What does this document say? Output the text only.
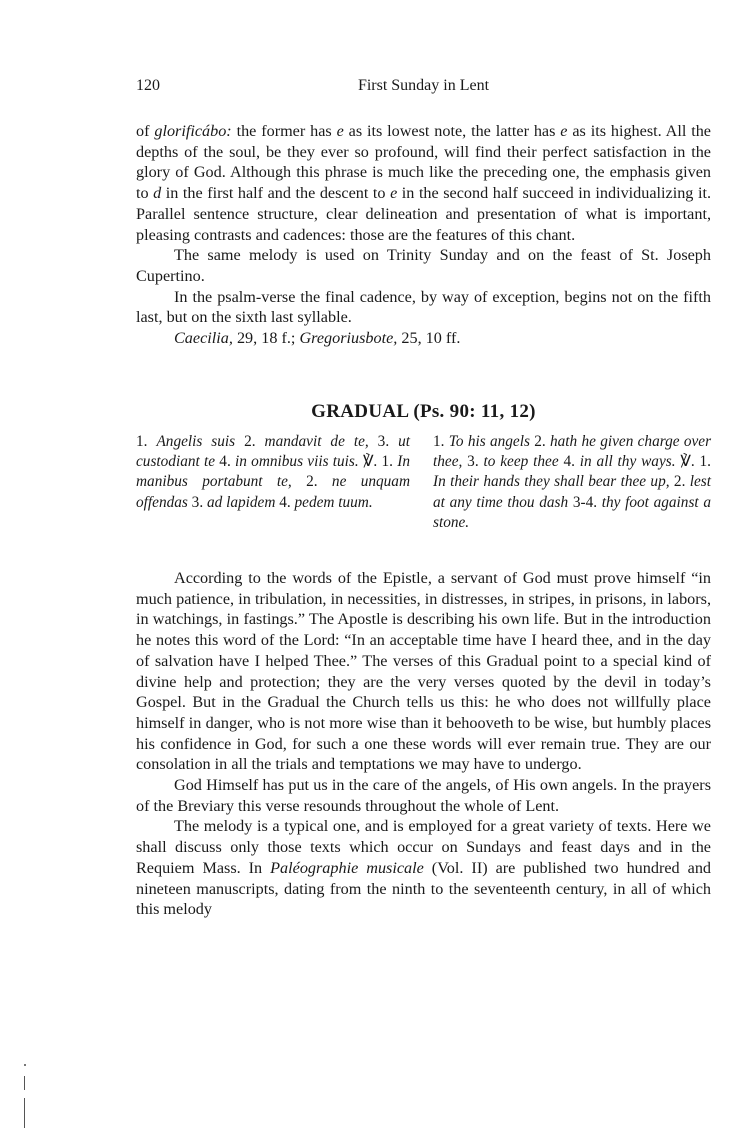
120	First Sunday in Lent

of glorificábo: the former has e as its lowest note, the latter has e as its highest. All the depths of the soul, be they ever so profound, will find their perfect satisfaction in the glory of God. Although this phrase is much like the preceding one, the emphasis given to d in the first half and the descent to e in the second half succeed in individualizing it. Parallel sentence structure, clear delineation and presentation of what is important, pleasing contrasts and cadences: those are the features of this chant.

The same melody is used on Trinity Sunday and on the feast of St. Joseph Cupertino.

In the psalm-verse the final cadence, by way of exception, begins not on the fifth last, but on the sixth last syllable.

Caecilia, 29, 18 f.; Gregoriusbote, 25, 10 ff.

GRADUAL (Ps. 90: 11, 12)
1. Angelis suis 2. mandavit de te, 3. ut custodiant te 4. in omnibus viis tuis. ℣. 1. In manibus portabunt te, 2. ne unquam offendas 3. ad lapidem 4. pedem tuum.
1. To his angels 2. hath he given charge over thee, 3. to keep thee 4. in all thy ways. ℣. 1. In their hands they shall bear thee up, 2. lest at any time thou dash 3-4. thy foot against a stone.

According to the words of the Epistle, a servant of God must prove himself “in much patience, in tribulation, in necessities, in distresses, in stripes, in prisons, in labors, in watchings, in fastings.” The Apostle is describing his own life. But in the introduction he notes this word of the Lord: “In an acceptable time have I heard thee, and in the day of salvation have I helped Thee.” The verses of this Gradual point to a special kind of divine help and protection; they are the very verses quoted by the devil in today’s Gospel. But in the Gradual the Church tells us this: he who does not willfully place himself in danger, who is not more wise than it behooveth to be wise, but humbly places his confidence in God, for such a one these words will ever remain true. They are our consolation in all the trials and temptations we may have to undergo.

God Himself has put us in the care of the angels, of His own angels. In the prayers of the Breviary this verse resounds throughout the whole of Lent.

The melody is a typical one, and is employed for a great variety of texts. Here we shall discuss only those texts which occur on Sundays and feast days and in the Requiem Mass. In Paléographie musicale (Vol. II) are published two hundred and nineteen manuscripts, dating from the ninth to the seventeenth century, in all of which this melody
